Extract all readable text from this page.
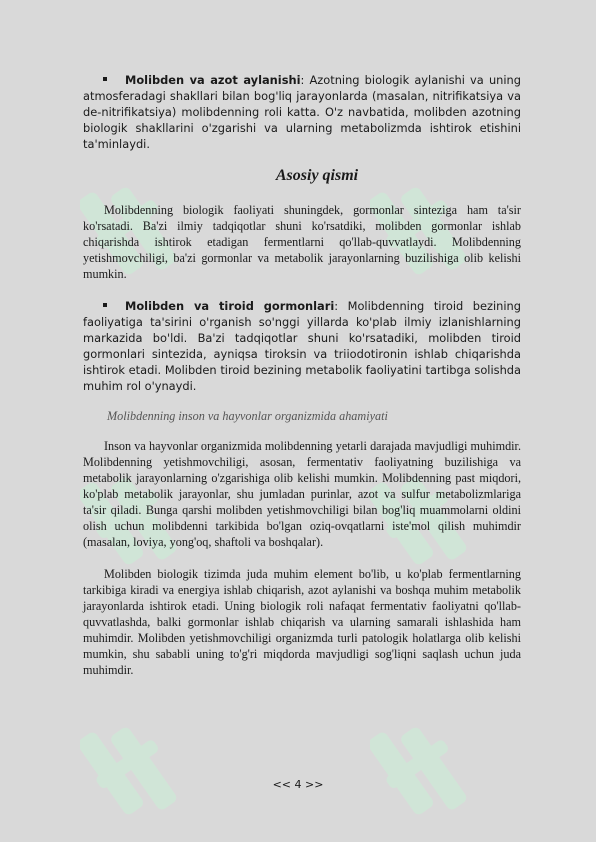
Molibden va azot aylanishi: Azotning biologik aylanishi va uning atmosferadagi shakllari bilan bog'liq jarayonlarda (masalan, nitrifikatsiya va de-nitrifikatsiya) molibdenning roli katta. O'z navbatida, molibden azotning biologik shakllarini o'zgarishi va ularning metabolizmda ishtirok etishini ta'minlaydi.

Asosiy qismi

Molibdenning biologik faoliyati shuningdek, gormonlar sinteziga ham ta'sir ko'rsatadi. Ba'zi ilmiy tadqiqotlar shuni ko'rsatdiki, molibden gormonlar ishlab chiqarishda ishtirok etadigan fermentlarni qo'llab-quvvatlaydi. Molibdenning yetishmovchiligi, ba'zi gormonlar va metabolik jarayonlarning buzilishiga olib kelishi mumkin.

Molibden va tiroid gormonlari: Molibdenning tiroid bezining faoliyatiga ta'sirini o'rganish so'nggi yillarda ko'plab ilmiy izlanishlarning markazida bo'ldi. Ba'zi tadqiqotlar shuni ko'rsatadiki, molibden tiroid gormonlari sintezida, ayniqsa tiroksin va triiodotironin ishlab chiqarishda ishtirok etadi. Molibden tiroid bezining metabolik faoliyatini tartibga solishda muhim rol o'ynaydi.

Molibdenning inson va hayvonlar organizmida ahamiyati

Inson va hayvonlar organizmida molibdenning yetarli darajada mavjudligi muhimdir. Molibdenning yetishmovchiligi, asosan, fermentativ faoliyatning buzilishiga va metabolik jarayonlarning o'zgarishiga olib kelishi mumkin. Molibdenning past miqdori, ko'plab metabolik jarayonlar, shu jumladan purinlar, azot va sulfur metabolizmlariga ta'sir qiladi. Bunga qarshi molibden yetishmovchiligi bilan bog'liq muammolarni oldini olish uchun molibdenni tarkibida bo'lgan oziq-ovqatlarni iste'mol qilish muhimdir (masalan, loviya, yong'oq, shaftoli va boshqalar).

Molibden biologik tizimda juda muhim element bo'lib, u ko'plab fermentlarning tarkibiga kiradi va energiya ishlab chiqarish, azot aylanishi va boshqa muhim metabolik jarayonlarda ishtirok etadi. Uning biologik roli nafaqat fermentativ faoliyatni qo'llab-quvvatlashda, balki gormonlar ishlab chiqarish va ularning samarali ishlashida ham muhimdir. Molibden yetishmovchiligi organizmda turli patologik holatlarga olib kelishi mumkin, shu sababli uning to'g'ri miqdorda mavjudligi sog'liqni saqlash uchun juda muhimdir.

<< 4 >>
